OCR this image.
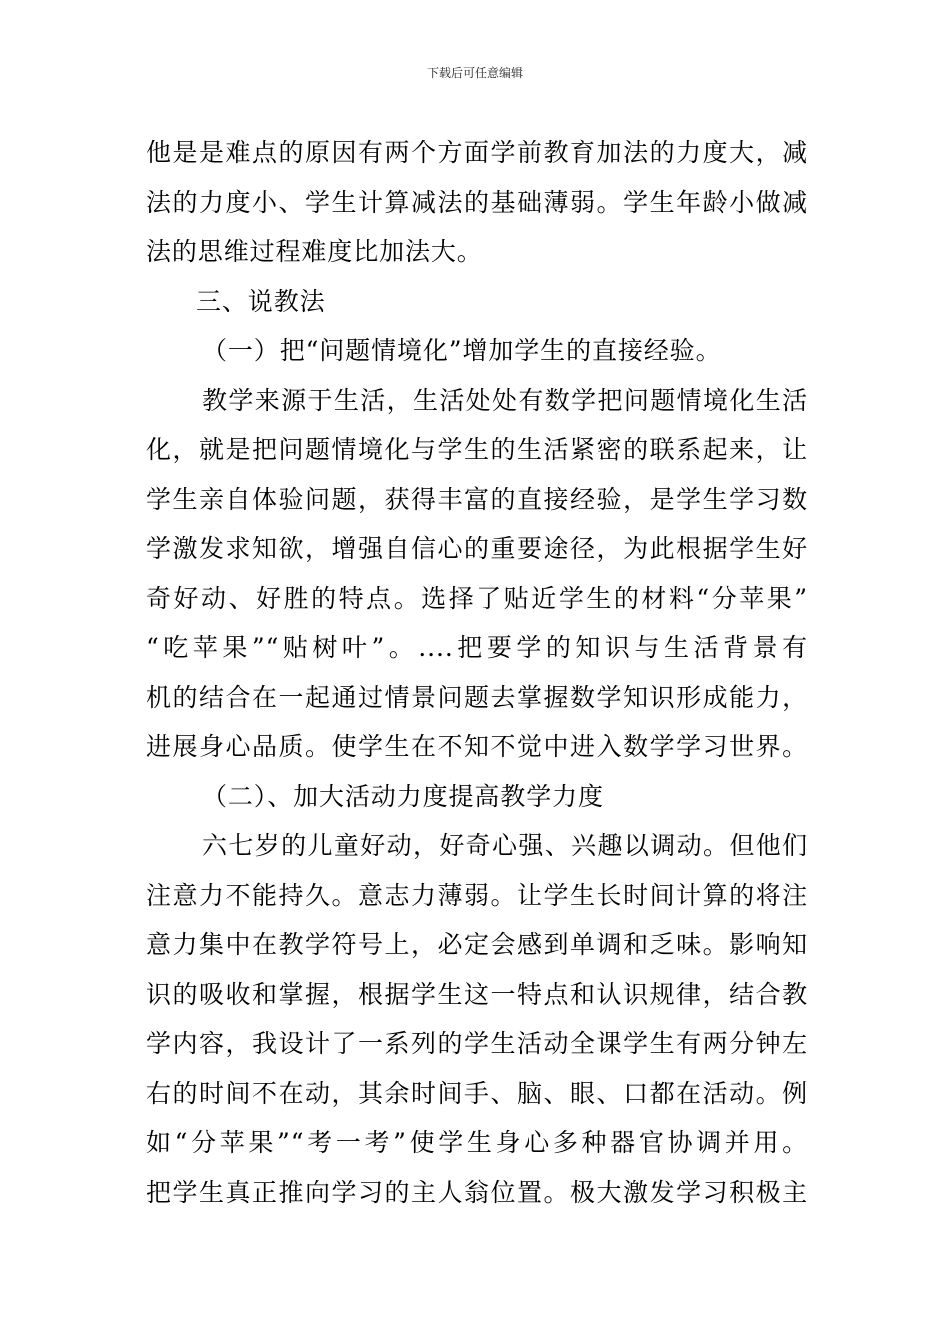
下载后可任意编辑
他是是难点的原因有两个方面学前教育加法的力度大，减
法的力度小、学生计算减法的基础薄弱。学生年龄小做减
法的思维过程难度比加法大。
三、说教法
（一）把“问题情境化”增加学生的直接经验。
教学来源于生活，生活处处有数学把问题情境化生活
化，就是把问题情境化与学生的生活紧密的联系起来，让
学生亲自体验问题，获得丰富的直接经验，是学生学习数
学激发求知欲，增强自信心的重要途径，为此根据学生好
奇好动、好胜的特点。选择了贴近学生的材料“分苹果”
“吃苹果”“贴树叶”。....把要学的知识与生活背景有
机的结合在一起通过情景问题去掌握数学知识形成能力，
进展身心品质。使学生在不知不觉中进入数学学习世界。
（二）、加大活动力度提高教学力度
六七岁的儿童好动，好奇心强、兴趣以调动。但他们
注意力不能持久。意志力薄弱。让学生长时间计算的将注
意力集中在教学符号上，必定会感到单调和乏味。影响知
识的吸收和掌握，根据学生这一特点和认识规律，结合教
学内容，我设计了一系列的学生活动全课学生有两分钟左
右的时间不在动，其余时间手、脑、眼、口都在活动。例
如“分苹果”“考一考”使学生身心多种器官协调并用。
把学生真正推向学习的主人翁位置。极大激发学习积极主
